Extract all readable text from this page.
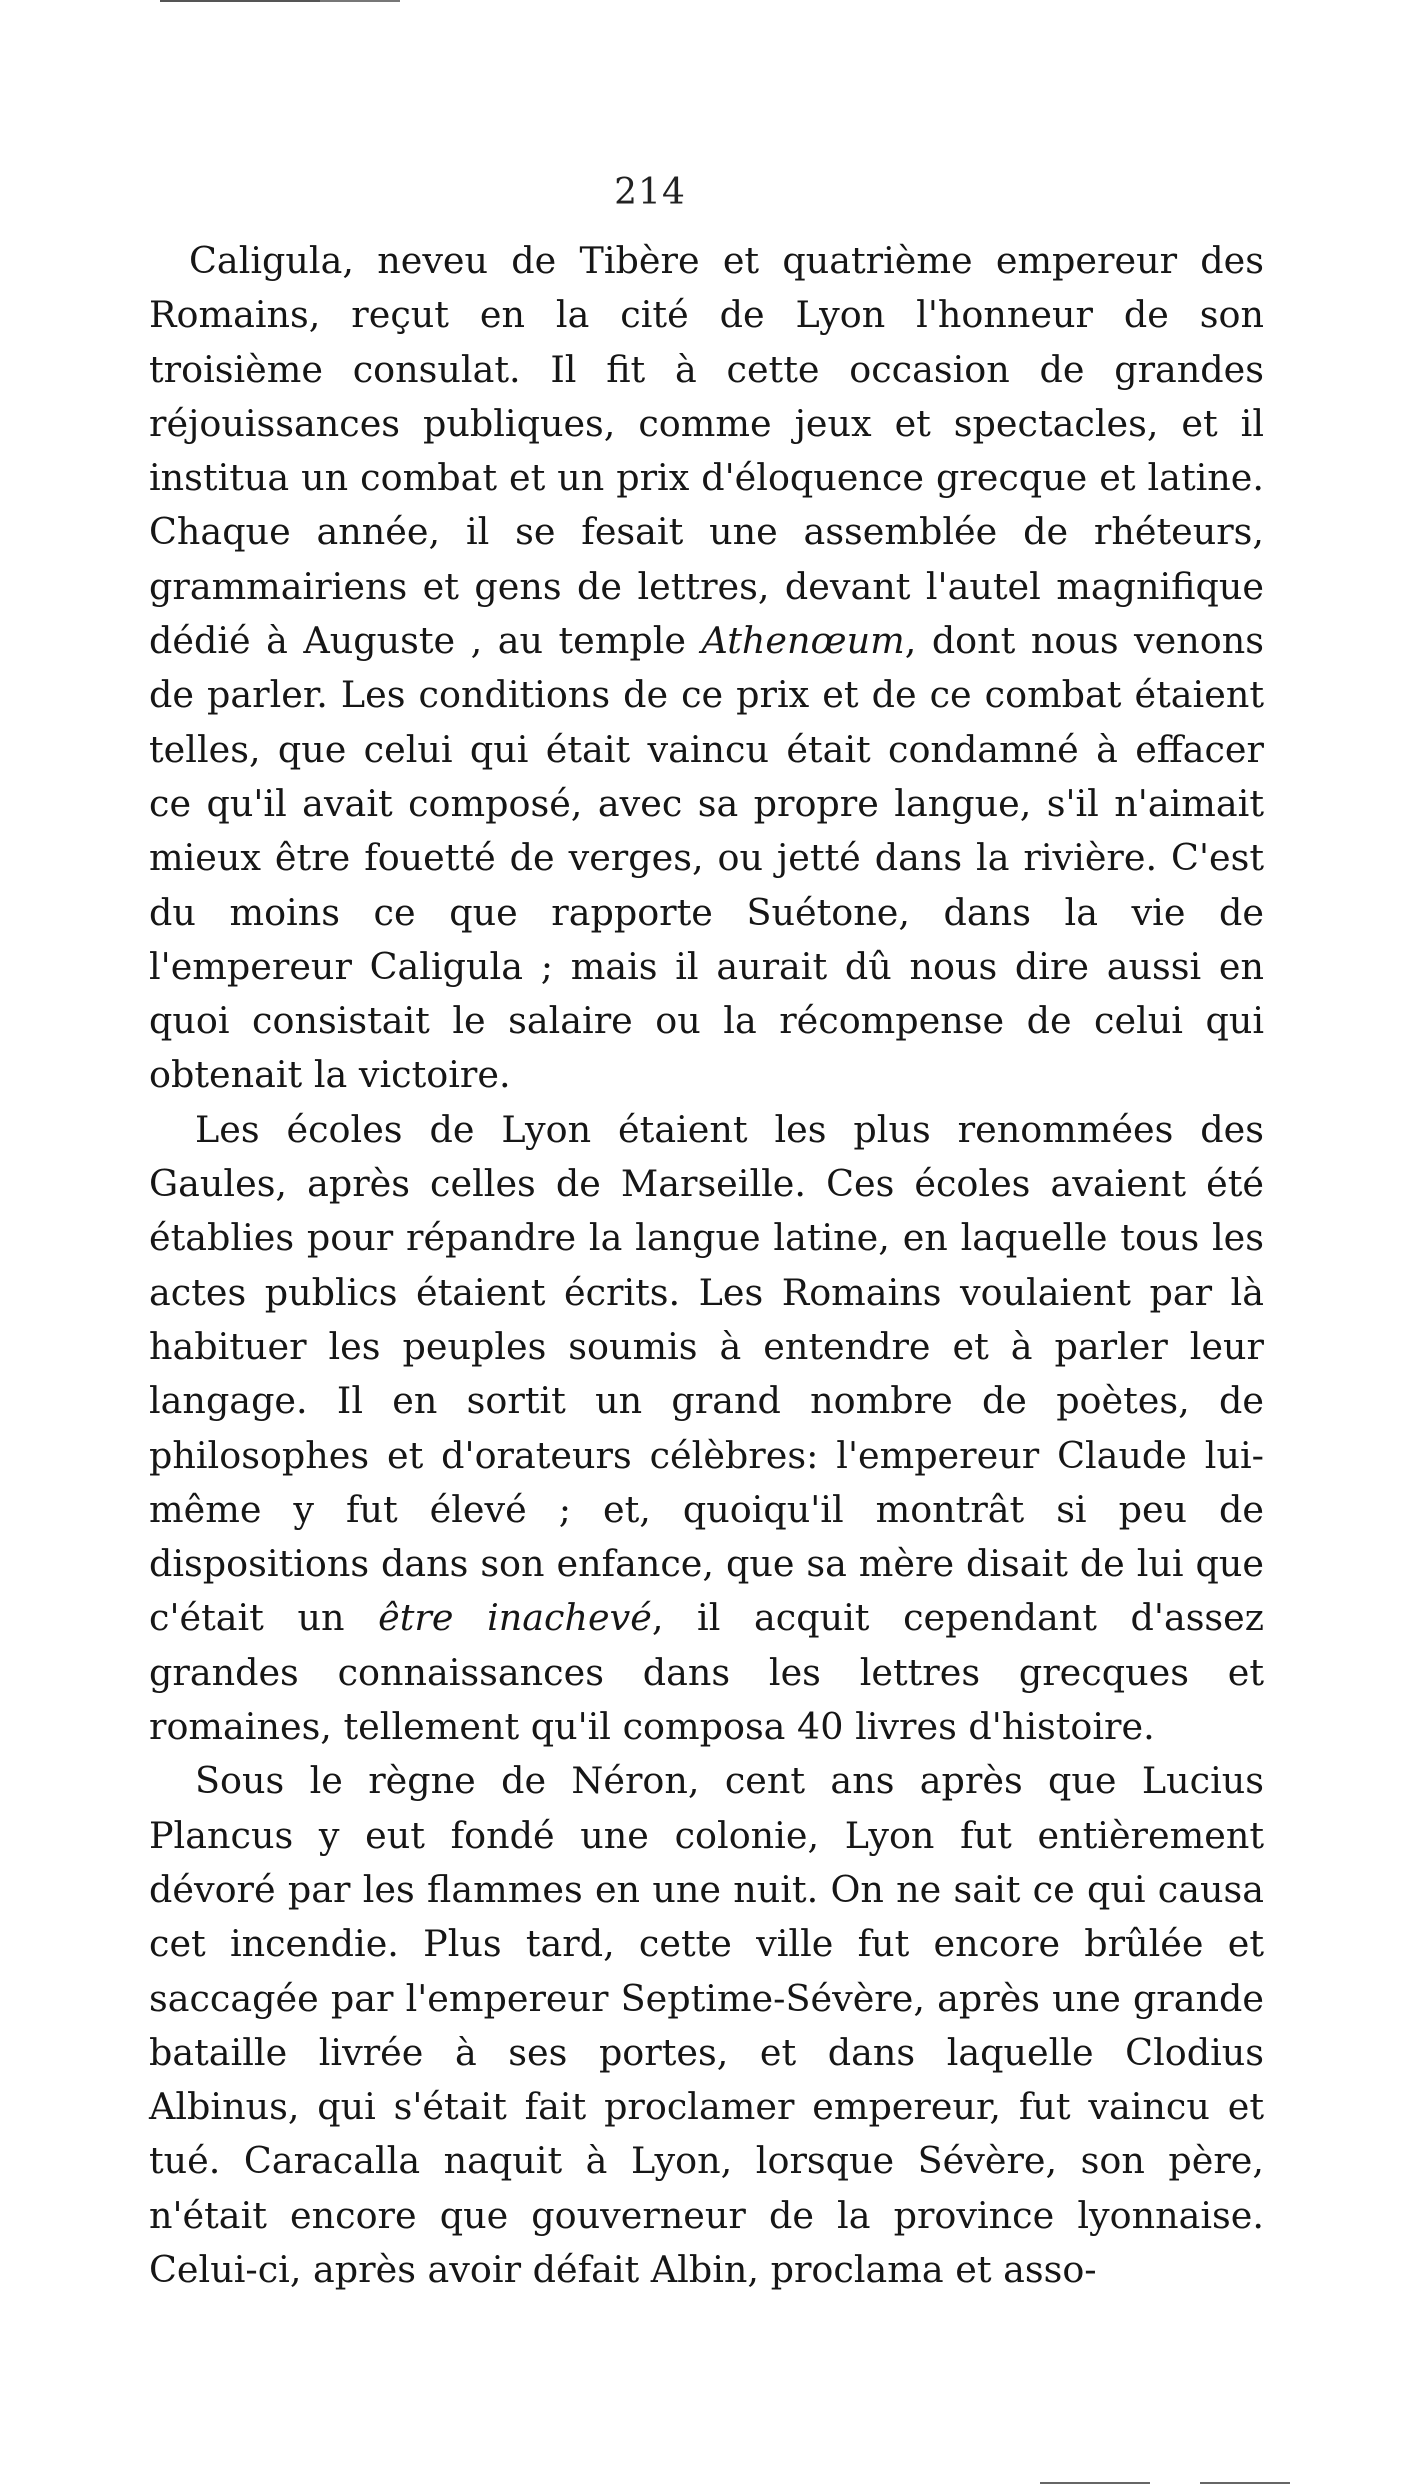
214

Caligula, neveu de Tibère et quatrième empereur des Romains, reçut en la cité de Lyon l'honneur de son troisième consulat. Il fit à cette occasion de grandes réjouissances publiques, comme jeux et spectacles, et il institua un combat et un prix d'éloquence grecque et latine. Chaque année, il se fesait une assemblée de rhéteurs, grammairiens et gens de lettres, devant l'autel magnifique dédié à Auguste , au temple Athenœum, dont nous venons de parler. Les conditions de ce prix et de ce combat étaient telles, que celui qui était vaincu était condamné à effacer ce qu'il avait composé, avec sa propre langue, s'il n'aimait mieux être fouetté de verges, ou jetté dans la rivière. C'est du moins ce que rapporte Suétone, dans la vie de l'empereur Caligula ; mais il aurait dû nous dire aussi en quoi consistait le salaire ou la récompense de celui qui obtenait la victoire.

Les écoles de Lyon étaient les plus renommées des Gaules, après celles de Marseille. Ces écoles avaient été établies pour répandre la langue latine, en laquelle tous les actes publics étaient écrits. Les Romains voulaient par là habituer les peuples soumis à entendre et à parler leur langage. Il en sortit un grand nombre de poètes, de philosophes et d'orateurs célèbres: l'empereur Claude lui-même y fut élevé ; et, quoiqu'il montrât si peu de dispositions dans son enfance, que sa mère disait de lui que c'était un être inachevé, il acquit cependant d'assez grandes connaissances dans les lettres grecques et romaines, tellement qu'il composa 40 livres d'histoire.

Sous le règne de Néron, cent ans après que Lucius Plancus y eut fondé une colonie, Lyon fut entièrement dévoré par les flammes en une nuit. On ne sait ce qui causa cet incendie. Plus tard, cette ville fut encore brûlée et saccagée par l'empereur Septime-Sévère, après une grande bataille livrée à ses portes, et dans laquelle Clodius Albinus, qui s'était fait proclamer empereur, fut vaincu et tué. Caracalla naquit à Lyon, lorsque Sévère, son père, n'était encore que gouverneur de la province lyonnaise. Celui-ci, après avoir défait Albin, proclama et asso-
